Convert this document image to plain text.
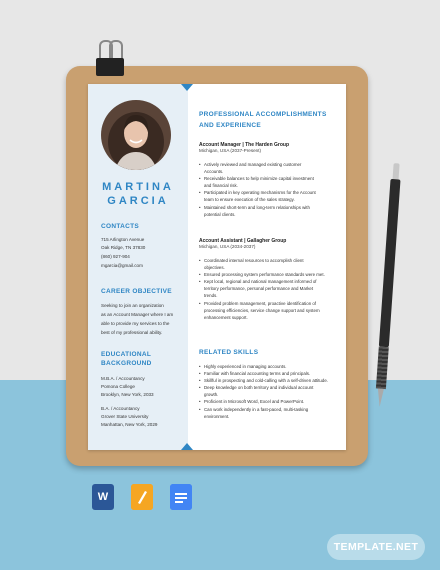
MARTINA
GARCIA
CONTACTS
715 Arlington Avenue
Oak Ridge, TN 37830
(860) 927-904
mgarcia@gmail.com
CAREER OBJECTIVE
Seeking to join an organization
as an Account Manager where I am
able to provide my services to the
best of my professional ability.
EDUCATIONAL
BACKGROUND
M.B.A. / Accountancy
Pomona College
Brooklyn, New York, 2033
B.A. / Accountancy
Grover State University
Manhattan, New York, 2029
PROFESSIONAL ACCOMPLISHMENTS
AND EXPERIENCE
Account Manager | The Harden Group
Michigan, USA (2037-Present)
• Actively reviewed and managed existing customer
Accounts.
• Receivable balances to help minimize capital investment
and financial risk.
• Participated in key operating mechanisms for the Account
team to ensure execution of the sales strategy.
• Maintained short-term and long-term relationships with
potential clients.
Account Assistant | Gallagher Group
Michigan, USA (2034-2037)
• Coordinated internal resources to accomplish client
objectives.
• Ensured processing system performance standards were met.
• Kept local, regional and national management informed of
territory performance, personal performance and Market
trends.
• Provided problem management, proactive identification of
processing efficiencies, service change support and system
enhancement support.
RELATED SKILLS
• Highly experienced in managing accounts.
• Familiar with financial accounting terms and principals.
• Skillful in prospecting and cold-calling with a self-driven attitude.
• Deep knowledge on both territory and individual account
growth.
• Proficient in Microsoft Word, Excel and PowerPoint.
• Can work independently in a fast-paced, multi-tasking
environment.
W
TEMPLATE.NET
